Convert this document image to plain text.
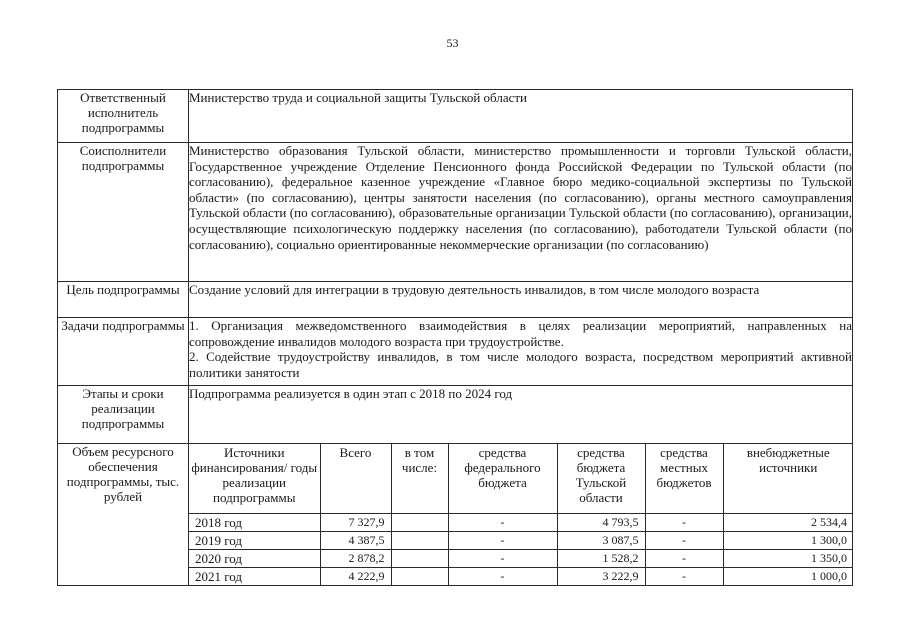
53
Ответственный исполнитель подпрограммы	Министерство труда и социальной защиты Тульской области
Соисполнители подпрограммы	Министерство образования Тульской области, министерство промышленности и торговли Тульской области, Государственное учреждение Отделение Пенсионного фонда Российской Федерации по Тульской области (по согласованию), федеральное казенное учреждение «Главное бюро медико-социальной экспертизы по Тульской области» (по согласованию), центры занятости населения (по согласованию), органы местного самоуправления Тульской области (по согласованию), образовательные организации Тульской области (по согласованию), организации, осуществляющие психологическую поддержку населения (по согласованию), работодатели Тульской области (по согласованию), социально ориентированные некоммерческие организации (по согласованию)
Цель подпрограммы	Создание условий для интеграции в трудовую деятельность инвалидов, в том числе молодого возраста
Задачи подпрограммы	1. Организация межведомственного взаимодействия в целях реализации мероприятий, направленных на сопровождение инвалидов молодого возраста при трудоустройстве.

2. Содействие трудоустройству инвалидов, в том числе молодого возраста, посредством мероприятий активной политики занятости

Этапы и сроки реализации подпрограммы	Подпрограмма реализуется в один этап с 2018 по 2024 год
Объем ресурсного обеспечения подпрограммы, тыс. рублей	
Источники финансирования/ годы реализации подпрограммы	Всего	в том числе:	средства федерального бюджета	средства бюджета Тульской области	средства местных бюджетов	внебюджетные источники
2018 год	7 327,9		-	4 793,5	-	2 534,4
2019 год	4 387,5		-	3 087,5	-	1 300,0
2020 год	2 878,2		-	1 528,2	-	1 350,0
2021 год	4 222,9		-	3 222,9	-	1 000,0
